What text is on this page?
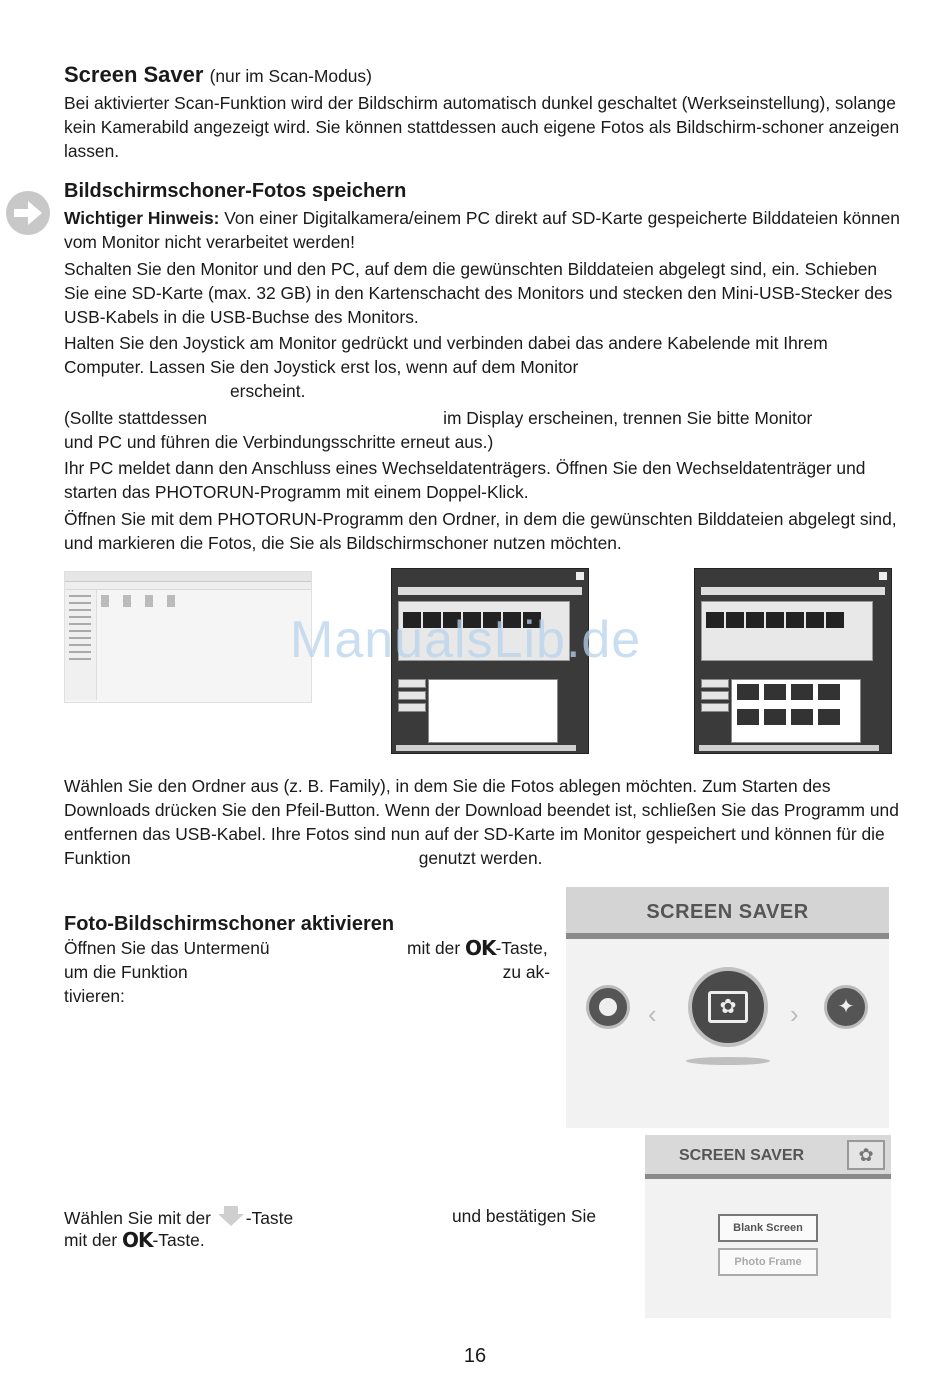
Screen Saver (nur im Scan-Modus)
Bei aktivierter Scan-Funktion wird der Bildschirm automatisch dunkel geschaltet (Werkseinstellung), solange kein Kamerabild angezeigt wird. Sie können stattdessen auch eigene Fotos als Bildschirm-schoner anzeigen lassen.
Bildschirmschoner-Fotos speichern
Wichtiger Hinweis: Von einer Digitalkamera/einem PC direkt auf SD-Karte gespeicherte Bilddateien können vom Monitor nicht verarbeitet werden!
Schalten Sie den Monitor und den PC, auf dem die gewünschten Bilddateien abgelegt sind, ein. Schieben Sie eine SD-Karte (max. 32 GB) in den Kartenschacht des Monitors und stecken den Mini-USB-Stecker des USB-Kabels in die USB-Buchse des Monitors.
Halten Sie den Joystick am Monitor gedrückt und verbinden dabei das andere Kabelende mit Ihrem Computer. Lassen Sie den Joystick erst los, wenn auf dem Monitor
erscheint.
(Sollte stattdessen	im Display erscheinen, trennen Sie bitte Monitor
und PC und führen die Verbindungsschritte erneut aus.)
Ihr PC meldet dann den Anschluss eines Wechseldatenträgers. Öffnen Sie den Wechseldatenträger und starten das PHOTORUN-Programm mit einem Doppel-Klick.
Öffnen Sie mit dem PHOTORUN-Programm den Ordner, in dem die gewünschten Bilddateien abgelegt sind, und markieren die Fotos, die Sie als Bildschirmschoner nutzen möchten.
ManualsLib.de
Wählen Sie den Ordner aus (z. B. Family), in dem Sie die Fotos ablegen möchten. Zum Starten des Downloads drücken Sie den Pfeil-Button. Wenn der Download beendet ist, schließen Sie das Programm und entfernen das USB-Kabel. Ihre Fotos sind nun auf der SD-Karte im Monitor gespeichert und können für die Funktion	genutzt werden.
Foto-Bildschirmschoner aktivieren
Öffnen Sie das Untermenü	mit der OK-Taste,
um die Funktion	zu ak-
tivieren:
SCREEN SAVER
‹	✿	›	✦
Wählen Sie mit der -Taste	und bestätigen Sie
mit der OK-Taste.
SCREEN SAVER	✿
Blank Screen
Photo Frame
16
